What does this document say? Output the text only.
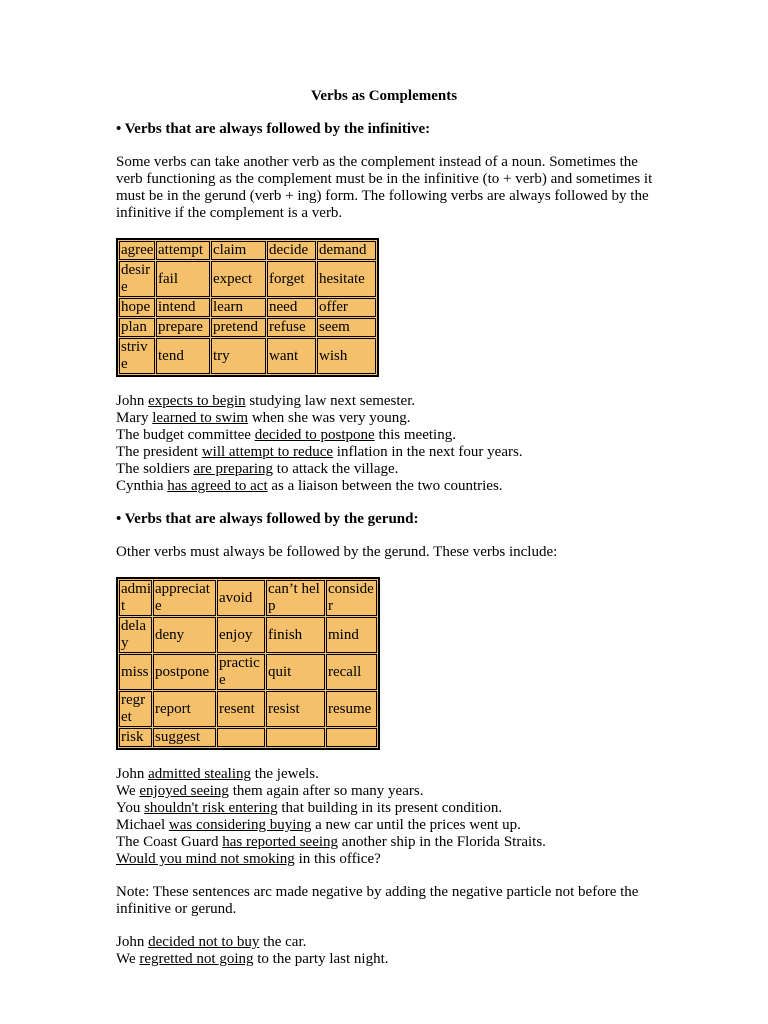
Verbs as Complements
• Verbs that are always followed by the infinitive:

Some verbs can take another verb as the complement instead of a noun. Sometimes the verb functioning as the complement must be in the infinitive (to + verb) and sometimes it must be in the gerund (verb + ing) form. The following verbs are always followed by the infinitive if the complement is a verb.

agree	attempt	claim	decide	demand
desire	fail	expect	forget	hesitate
hope	intend	learn	need	offer
plan	prepare	pretend	refuse	seem
strive	tend	try	want	wish
John expects to begin studying law next semester.
Mary learned to swim when she was very young.
The budget committee decided to postpone this meeting.
The president will attempt to reduce inflation in the next four years.
The soldiers are preparing to attack the village.
Cynthia has agreed to act as a liaison between the two countries.
• Verbs that are always followed by the gerund:

Other verbs must always be followed by the gerund. These verbs include:

admit	appreciate	avoid	can’t help	consider
delay	deny	enjoy	finish	mind
miss	postpone	practice	quit	recall
regret	report	resent	resist	resume
risk	suggest			
John admitted stealing the jewels.
We enjoyed seeing them again after so many years.
You shouldn't risk entering that building in its present condition.
Michael was considering buying a new car until the prices went up.
The Coast Guard has reported seeing another ship in the Florida Straits.
Would you mind not smoking in this office?

Note: These sentences arc made negative by adding the negative particle not before the infinitive or gerund.

John decided not to buy the car.
We regretted not going to the party last night.
